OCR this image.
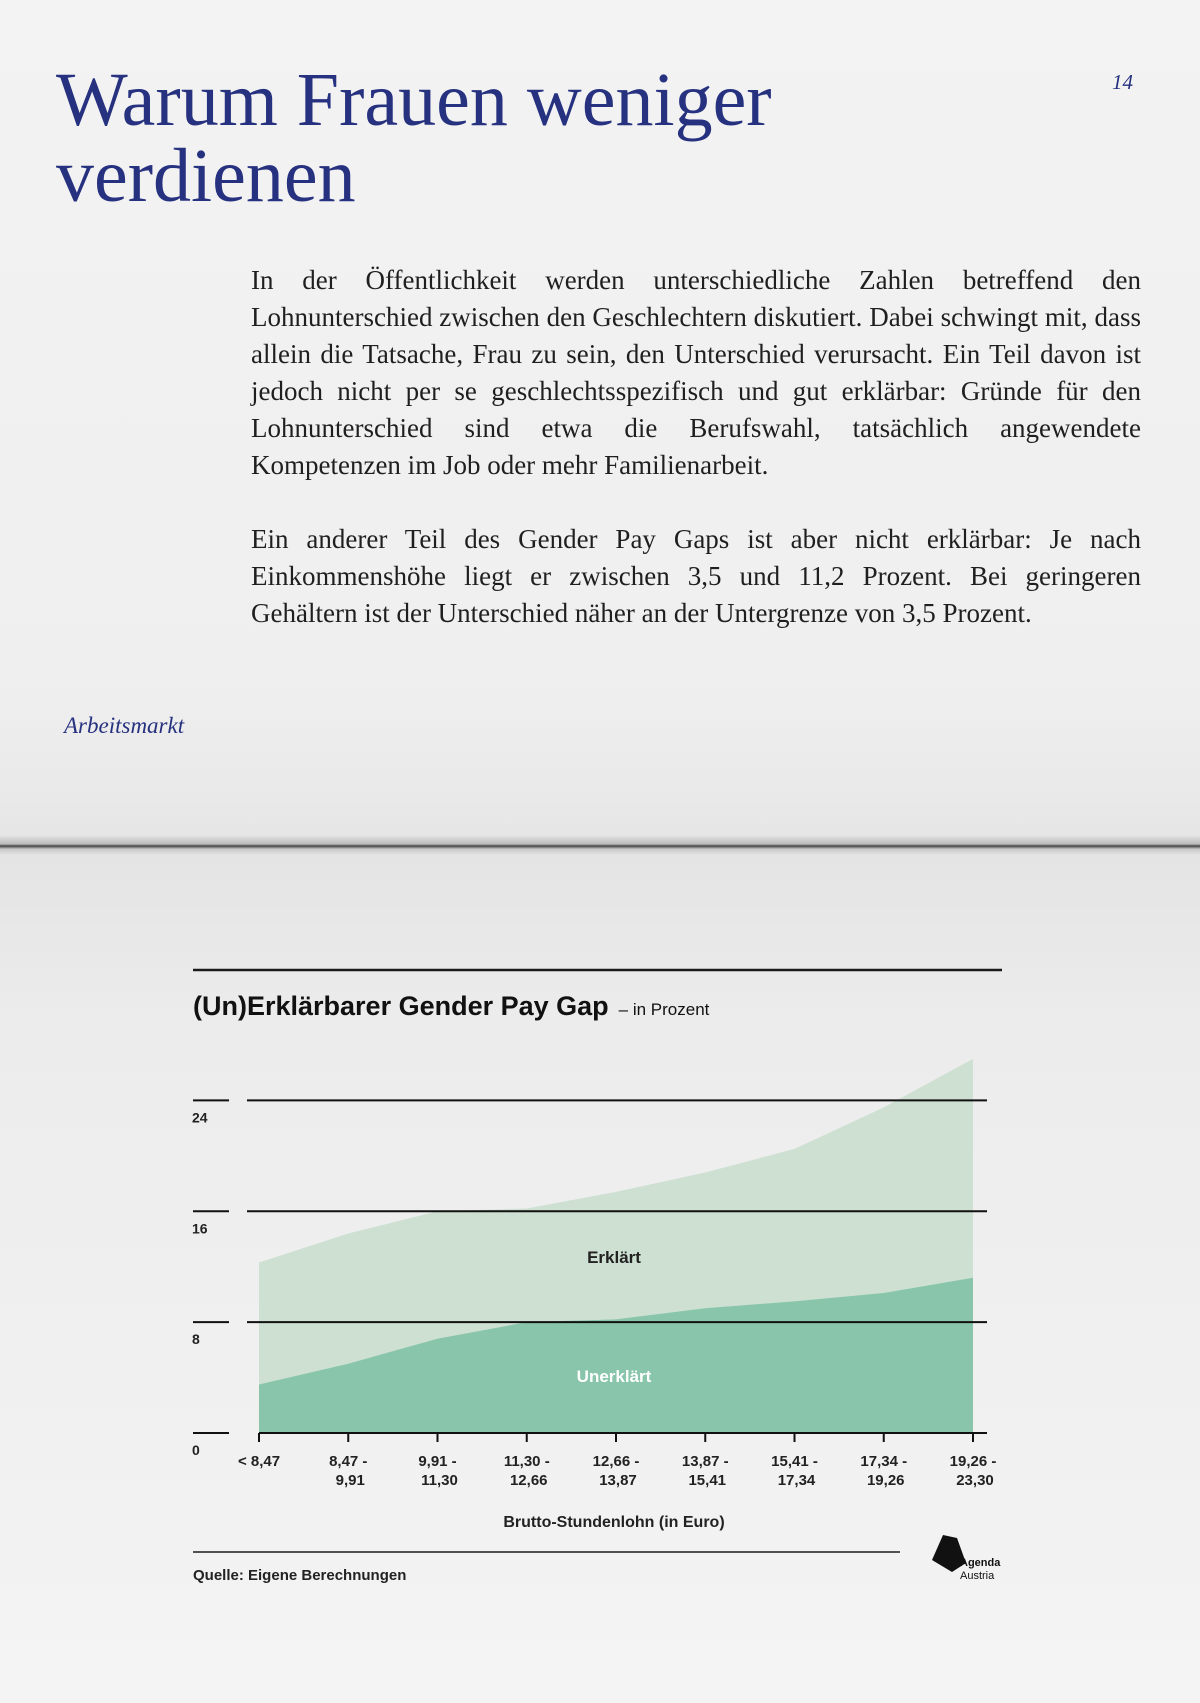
Warum Frauen weniger
verdienen
14

In der Öffentlichkeit werden unterschiedliche Zahlen betreffend den Lohnunterschied zwischen den Geschlechtern diskutiert. Dabei schwingt mit, dass allein die Tatsache, Frau zu sein, den Unterschied verursacht. Ein Teil davon ist jedoch nicht per se geschlechtsspezifisch und gut erklärbar: Gründe für den Lohnunterschied sind etwa die Berufswahl, tatsächlich angewendete Kompetenzen im Job oder mehr Familienarbeit.

Ein anderer Teil des Gender Pay Gaps ist aber nicht erklärbar: Je nach Einkommenshöhe liegt er zwischen 3,5 und 11,2 Prozent. Bei geringeren Gehältern ist der Unterschied näher an der Untergrenze von 3,5 Prozent.

Arbeitsmarkt
(Un)Erklärbarer Gender Pay Gap – in Prozent
0
8
16
24
< 8,47	8,47 -9,91
9,91 -11,30
11,30 -12,66
12,66 -13,87
13,87 -15,41
15,41 -17,34
17,34 -19,26
19,26 -23,30
Erklärt
Unerklärt
Brutto-Stundenlohn (in Euro)
Quelle: Eigene Berechnungen
Agenda
Austria
